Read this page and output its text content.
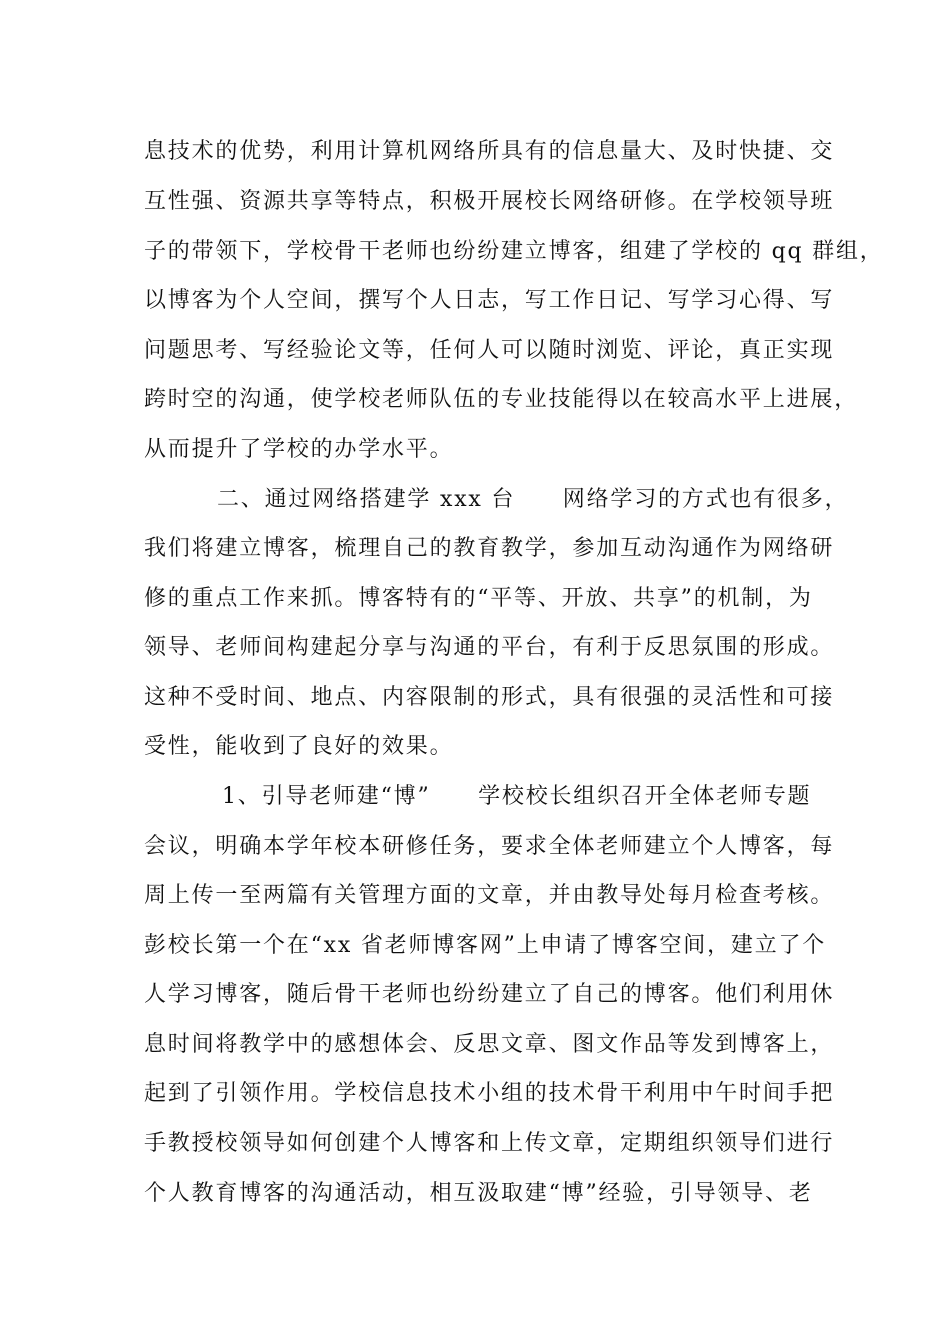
息技术的优势，利用计算机网络所具有的信息量大、及时快捷、交
互性强、资源共享等特点，积极开展校长网络研修。在学校领导班
子的带领下，学校骨干老师也纷纷建立博客，组建了学校的 qq 群组，
以博客为个人空间，撰写个人日志，写工作日记、写学习心得、写
问题思考、写经验论文等，任何人可以随时浏览、评论，真正实现
跨时空的沟通，使学校老师队伍的专业技能得以在较高水平上进展，
从而提升了学校的办学水平。
二、通过网络搭建学 xxx 台　　网络学习的方式也有很多，
我们将建立博客，梳理自己的教育教学，参加互动沟通作为网络研
修的重点工作来抓。博客特有的“平等、开放、共享”的机制，为
领导、老师间构建起分享与沟通的平台，有利于反思氛围的形成。
这种不受时间、地点、内容限制的形式，具有很强的灵活性和可接
受性，能收到了良好的效果。
1、引导老师建“博”　　学校校长组织召开全体老师专题
会议，明确本学年校本研修任务，要求全体老师建立个人博客，每
周上传一至两篇有关管理方面的文章，并由教导处每月检查考核。
彭校长第一个在“xx 省老师博客网”上申请了博客空间，建立了个
人学习博客，随后骨干老师也纷纷建立了自己的博客。他们利用休
息时间将教学中的感想体会、反思文章、图文作品等发到博客上，
起到了引领作用。学校信息技术小组的技术骨干利用中午时间手把
手教授校领导如何创建个人博客和上传文章，定期组织领导们进行
个人教育博客的沟通活动，相互汲取建“博”经验，引导领导、老
